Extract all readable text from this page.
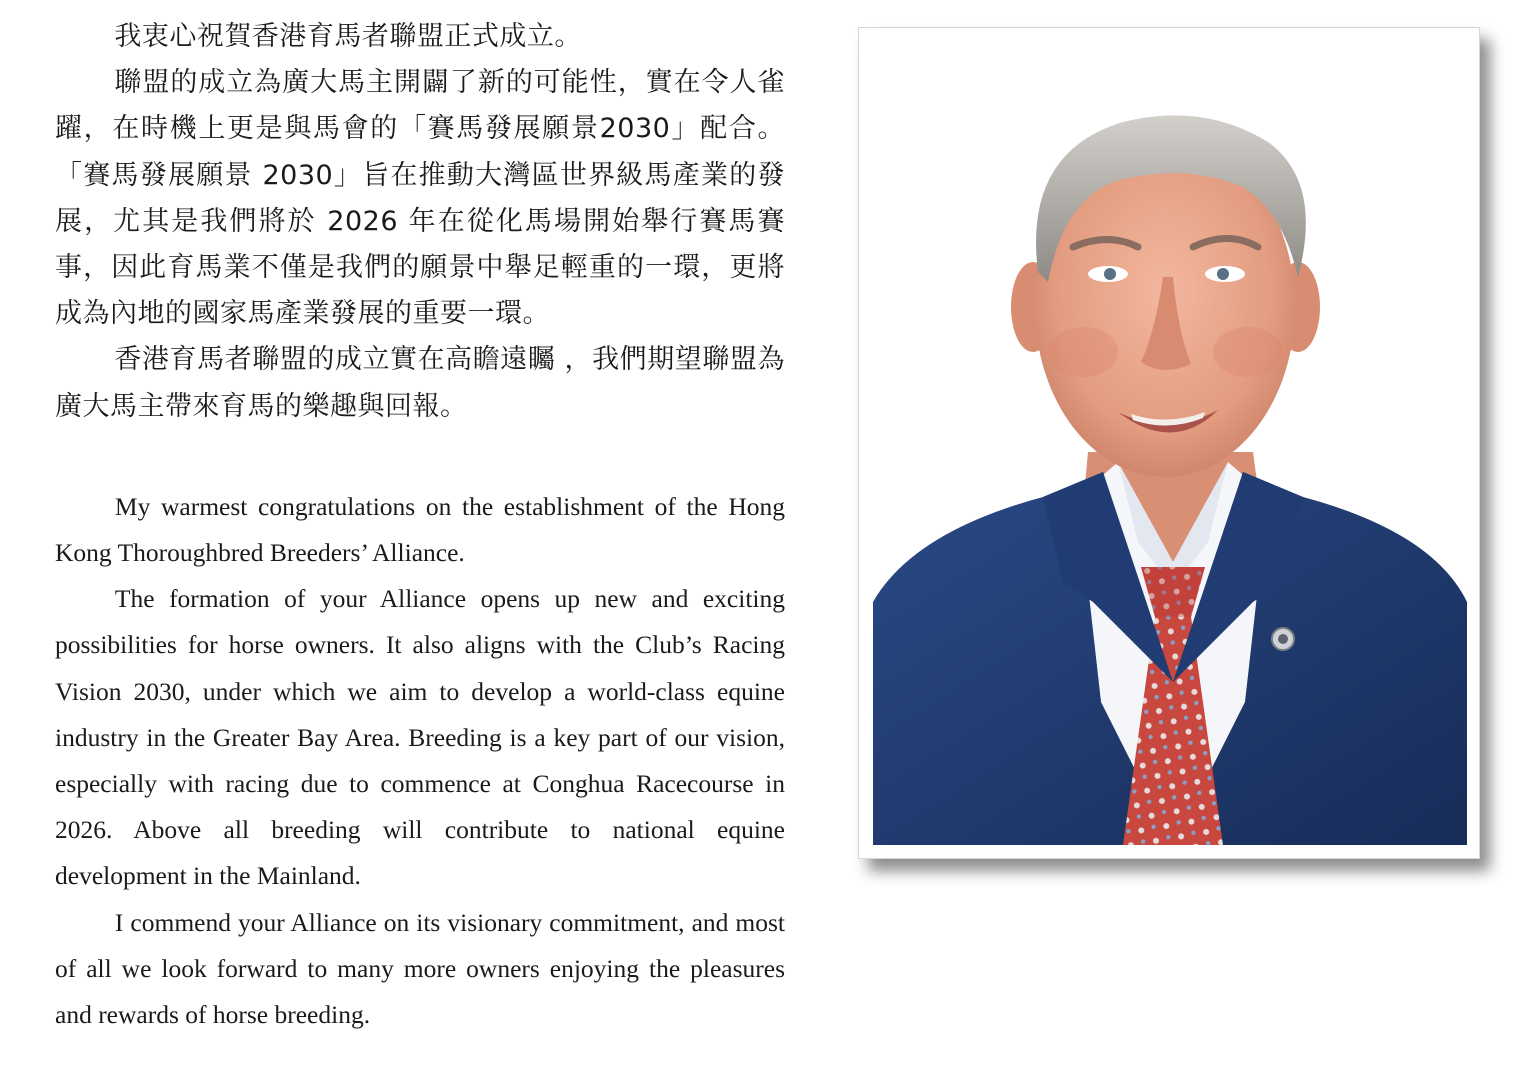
我衷心祝賀香港育馬者聯盟正式成立。

聯盟的成立為廣大馬主開闢了新的可能性，實在令人雀躍，在時機上更是與馬會的「賽馬發展願景2030」配合。「賽馬發展願景 2030」旨在推動大灣區世界級馬產業的發展，尤其是我們將於 2026 年在從化馬場開始舉行賽馬賽事，因此育馬業不僅是我們的願景中舉足輕重的一環，更將成為內地的國家馬產業發展的重要一環。

香港育馬者聯盟的成立實在高瞻遠矚 ，我們期望聯盟為廣大馬主帶來育馬的樂趣與回報。

My warmest congratulations on the establishment of the Hong Kong Thoroughbred Breeders’ Alliance.

The formation of your Alliance opens up new and exciting possibilities for horse owners. It also aligns with the Club’s Racing Vision 2030, under which we aim to develop a world-class equine industry in the Greater Bay Area. Breeding is a key part of our vision, especially with racing due to commence at Conghua Racecourse in 2026. Above all breeding will contribute to national equine development in the Mainland.

I commend your Alliance on its visionary commitment, and most of all we look forward to many more owners enjoying the pleasures and rewards of horse breeding.
